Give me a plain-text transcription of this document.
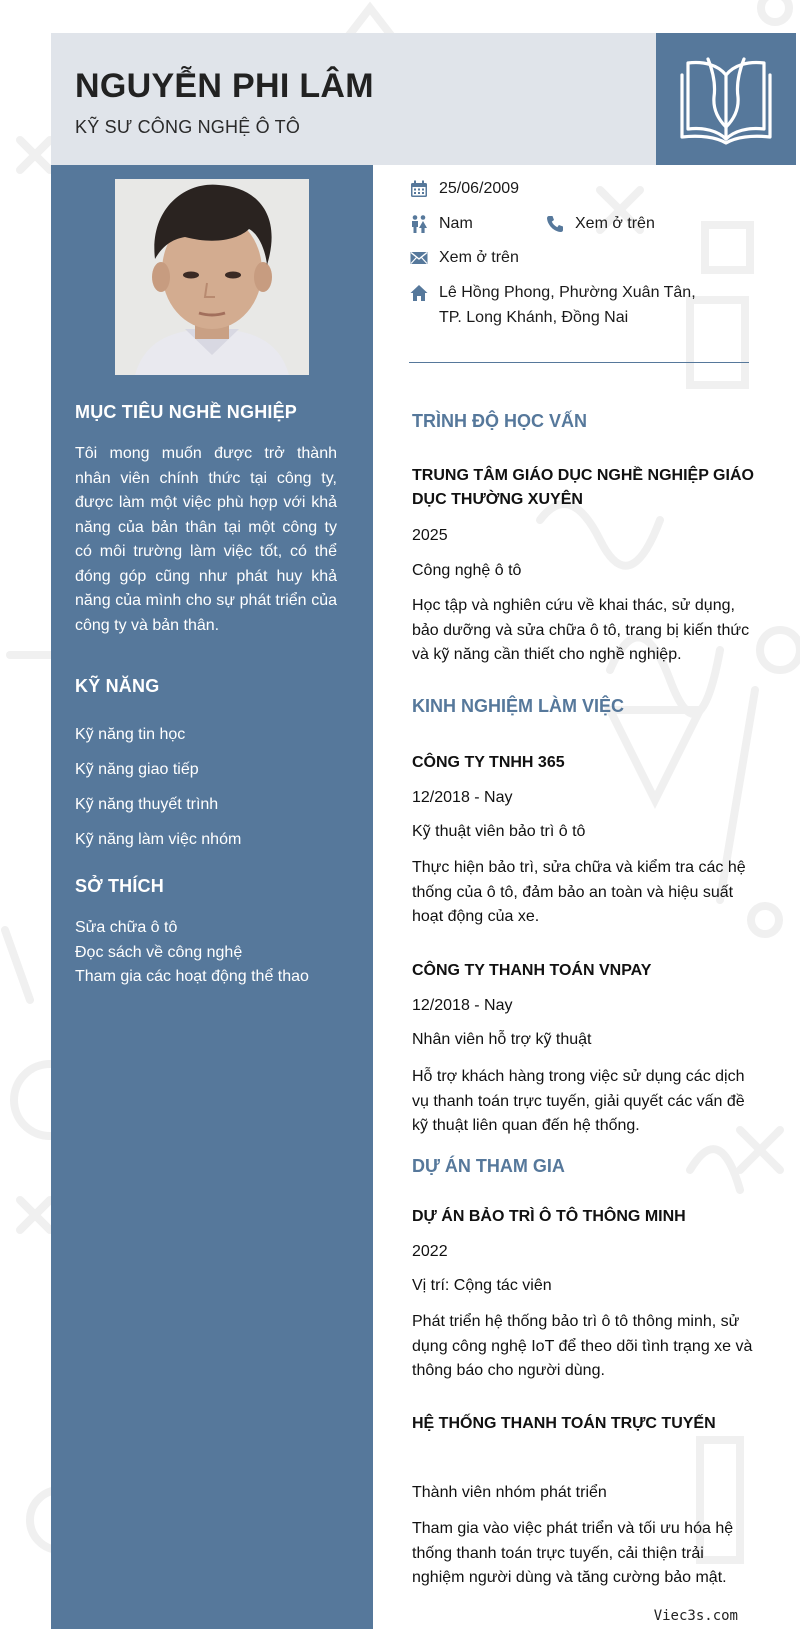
NGUYỄN PHI LÂM
KỸ SƯ CÔNG NGHỆ Ô TÔ
MỤC TIÊU NGHỀ NGHIỆP

Tôi mong muốn được trở thành nhân viên chính thức tại công ty, được làm một việc phù hợp với khả năng của bản thân tại một công ty có môi trường làm việc tốt, có thể đóng góp cũng như phát huy khả năng của mình cho sự phát triển của công ty và bản thân.

KỸ NĂNG
Kỹ năng tin học
Kỹ năng giao tiếp
Kỹ năng thuyết trình
Kỹ năng làm việc nhóm
SỞ THÍCH
Sửa chữa ô tô
Đọc sách về công nghệ
Tham gia các hoạt động thể thao
25/06/2009
Nam	Xem ở trên
Xem ở trên
Lê Hồng Phong, Phường Xuân Tân,
TP. Long Khánh, Đồng Nai
TRÌNH ĐỘ HỌC VẤN
TRUNG TÂM GIÁO DỤC NGHỀ NGHIỆP GIÁO DỤC THƯỜNG XUYÊN
2025
Công nghệ ô tô

Học tập và nghiên cứu về khai thác, sử dụng, bảo dưỡng và sửa chữa ô tô, trang bị kiến thức và kỹ năng cần thiết cho nghề nghiệp.

KINH NGHIỆM LÀM VIỆC
CÔNG TY TNHH 365
12/2018 - Nay
Kỹ thuật viên bảo trì ô tô

Thực hiện bảo trì, sửa chữa và kiểm tra các hệ thống của ô tô, đảm bảo an toàn và hiệu suất hoạt động của xe.

CÔNG TY THANH TOÁN VNPAY
12/2018 - Nay
Nhân viên hỗ trợ kỹ thuật

Hỗ trợ khách hàng trong việc sử dụng các dịch vụ thanh toán trực tuyến, giải quyết các vấn đề kỹ thuật liên quan đến hệ thống.

DỰ ÁN THAM GIA
DỰ ÁN BẢO TRÌ Ô TÔ THÔNG MINH
2022
Vị trí: Cộng tác viên

Phát triển hệ thống bảo trì ô tô thông minh, sử dụng công nghệ IoT để theo dõi tình trạng xe và thông báo cho người dùng.

HỆ THỐNG THANH TOÁN TRỰC TUYẾN
Thành viên nhóm phát triển

Tham gia vào việc phát triển và tối ưu hóa hệ thống thanh toán trực tuyến, cải thiện trải nghiệm người dùng và tăng cường bảo mật.

Viec3s.com
